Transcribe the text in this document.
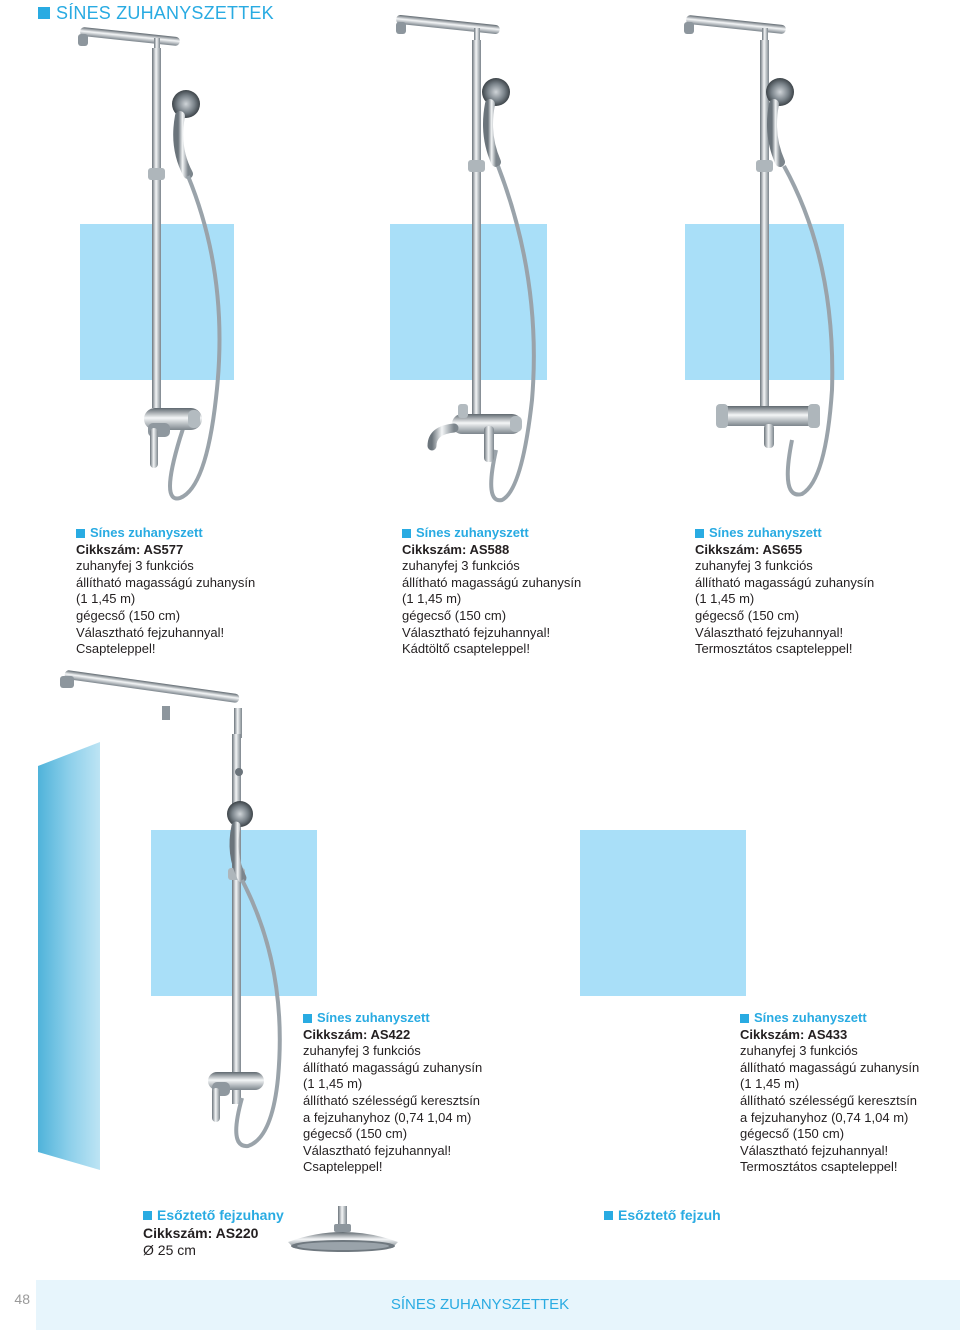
SÍNES ZUHANYSZETTEK
Sínes zuhanyszett
Cikkszám: AS577
zuhanyfej 3 funkciós
állítható magasságú zuhanysín
(1 1,45 m)
gégecső (150 cm)
Választható fejzuhannyal!
Csapteleppel!
Sínes zuhanyszett
Cikkszám: AS588
zuhanyfej 3 funkciós
állítható magasságú zuhanysín
(1 1,45 m)
gégecső (150 cm)
Választható fejzuhannyal!
Kádtöltő csapteleppel!
Sínes zuhanyszett
Cikkszám: AS655
zuhanyfej 3 funkciós
állítható magasságú zuhanysín
(1 1,45 m)
gégecső (150 cm)
Választható fejzuhannyal!
Termosztátos csapteleppel!
Sínes zuhanyszett
Cikkszám: AS422
zuhanyfej 3 funkciós
állítható magasságú zuhanysín
(1 1,45 m)
állítható szélességű keresztsín
a fejzuhanyhoz (0,74 1,04 m)
gégecső (150 cm)
Választható fejzuhannyal!
Csapteleppel!
Sínes zuhanyszett
Cikkszám: AS433
zuhanyfej 3 funkciós
állítható magasságú zuhanysín
(1 1,45 m)
állítható szélességű keresztsín
a fejzuhanyhoz (0,74 1,04 m)
gégecső (150 cm)
Választható fejzuhannyal!
Termosztátos csapteleppel!
Esőztető fejzuhany
Cikkszám: AS220
Ø 25 cm
Esőztető fejzuh
48	SÍNES ZUHANYSZETTEK
